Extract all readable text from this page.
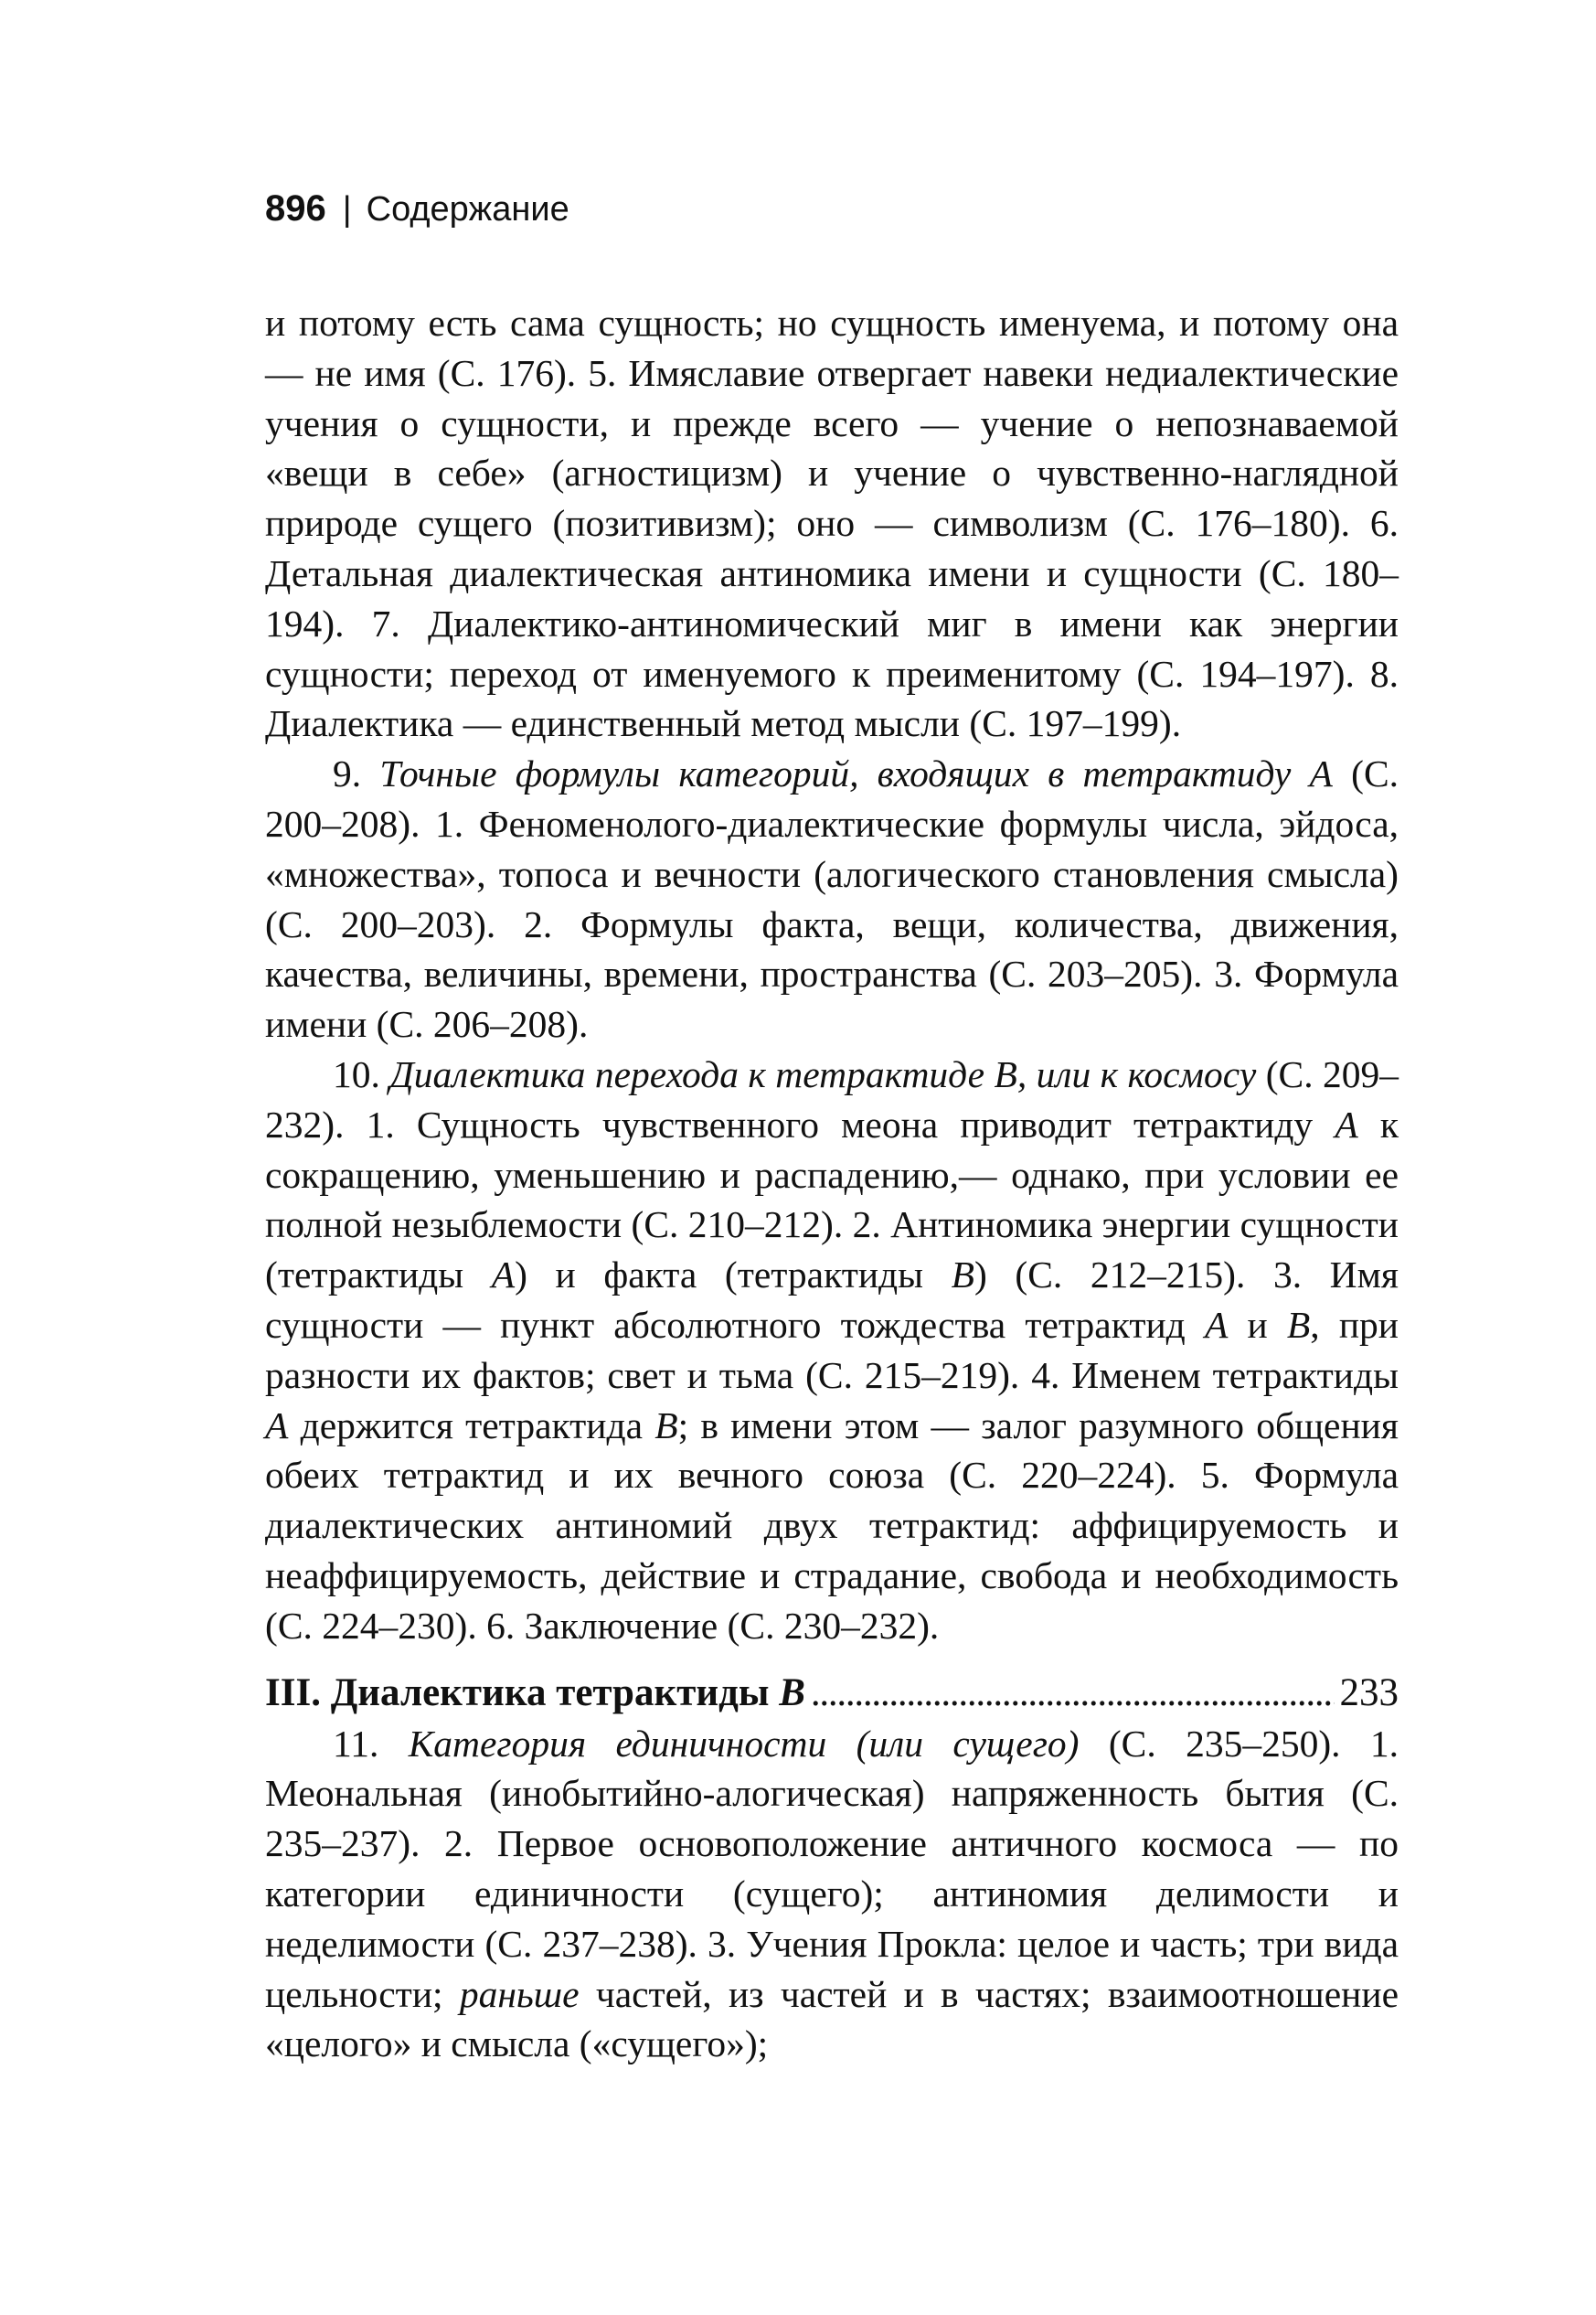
896 | Содержание

и потому есть сама сущность; но сущность именуема, и потому она — не имя (С. 176). 5. Имяславие отвергает навеки недиалектические учения о сущности, и прежде всего — учение о непознаваемой «вещи в себе» (агностицизм) и учение о чувственно-наглядной природе сущего (позитивизм); оно — символизм (С. 176–180). 6. Детальная диалектическая антиномика имени и сущности (С. 180–194). 7. Диалектико-антиномический миг в имени как энергии сущности; переход от именуемого к преименитому (С. 194–197). 8. Диалектика — единственный метод мысли (С. 197–199).

9. Точные формулы категорий, входящих в тетрактиду А (С. 200–208). 1. Феноменолого-диалектические формулы числа, эйдоса, «множества», топоса и вечности (алогического становления смысла) (С. 200–203). 2. Формулы факта, вещи, количества, движения, качества, величины, времени, пространства (С. 203–205). 3. Формула имени (С. 206–208).

10. Диалектика перехода к тетрактиде В, или к космосу (С. 209–232). 1. Сущность чувственного меона приводит тетрактиду А к сокращению, уменьшению и распадению,— однако, при условии ее полной незыблемости (С. 210–212). 2. Антиномика энергии сущности (тетрактиды А) и факта (тетрактиды В) (С. 212–215). 3. Имя сущности — пункт абсолютного тождества тетрактид А и В, при разности их фактов; свет и тьма (С. 215–219). 4. Именем тетрактиды А держится тетрактида В; в имени этом — залог разумного общения обеих тетрактид и их вечного союза (С. 220–224). 5. Формула диалектических антиномий двух тетрактид: аффицируемость и неаффицируемость, действие и страдание, свобода и необходимость (С. 224–230). 6. Заключение (С. 230–232).

III. Диалектика тетрактиды В
. . .	233

11. Категория единичности (или сущего) (С. 235–250). 1. Меональная (инобытийно-алогическая) напряженность бытия (С. 235–237). 2. Первое основоположение античного космоса — по категории единичности (сущего); антиномия делимости и неделимости (С. 237–238). 3. Учения Прокла: целое и часть; три вида цельности; раньше частей, из частей и в частях; взаимоотношение «целого» и смысла («сущего»);
